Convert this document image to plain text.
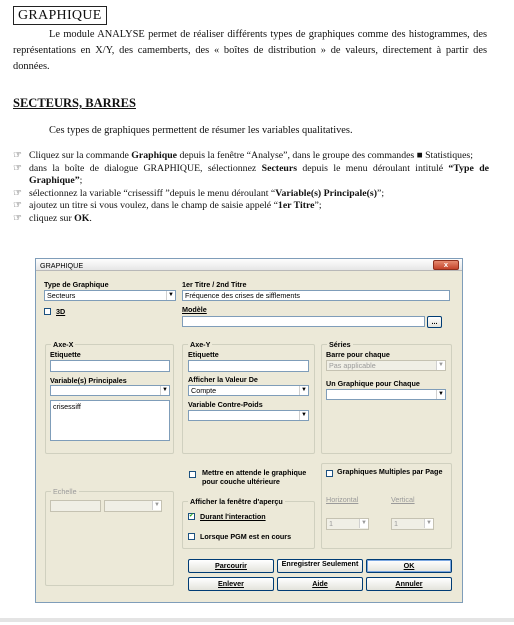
GRAPHIQUE

Le module ANALYSE permet de réaliser différents types de graphiques comme des histogrammes, des représentations en X/Y, des camemberts, des « boîtes de distribution » de valeurs, directement à partir des données.

SECTEURS, BARRES

Ces types de graphiques permettent de résumer les variables qualitatives.

☞ Cliquez sur la commande Graphique depuis la fenêtre “Analyse”, dans le groupe des commandes ■ Statistiques;
☞ dans la boîte de dialogue GRAPHIQUE, sélectionnez Secteurs depuis le menu déroulant intitulé “Type de Graphique”;
☞ sélectionnez la variable “crisessiff ”depuis le menu déroulant “Variable(s) Principale(s)”;
☞ ajoutez un titre si vous voulez, dans le champ de saisie appelé “1er Titre”;
☞ cliquez sur OK.
GRAPHIQUE	x
Type de Graphique
Secteurs	▼
3D
1er Titre / 2nd Titre
Fréquence des crises de sifflements
Modèle
...
Axe-X
Etiquette
Variable(s) Principales
▼
crisessiff
Axe-Y
Etiquette
Afficher la Valeur De
Compte	▼
Variable Contre-Poids
▼
Séries
Barre pour chaque
Pas applicable	▼
Un Graphique pour Chaque
▼
Mettre en attende le graphique pour couche ultérieure
Echelle
▼	Afficher la fenêtre d'aperçu
✔ Durant l'interaction
Lorsque PGM est en cours
Graphiques Multiples par Page
Horizontal	Vertical
1	▼	1	▼
Parcourir	Enregistrer Seulement	OK
Enlever	Aide	Annuler
